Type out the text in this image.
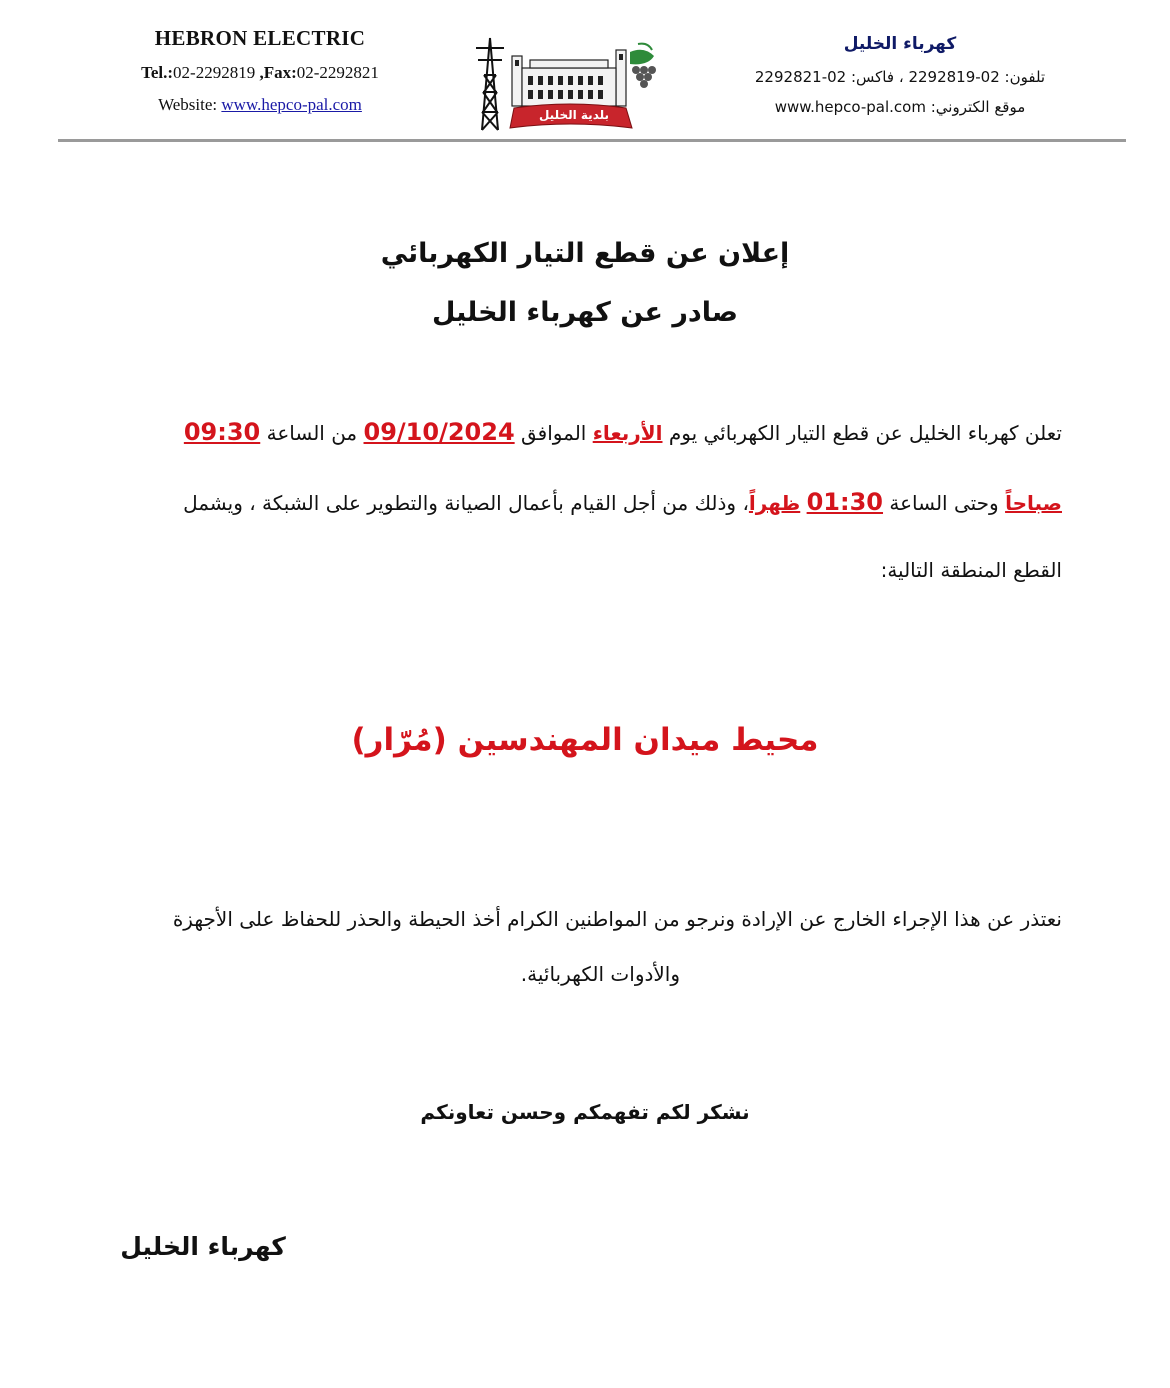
HEBRON ELECTRIC
Tel.:02-2292819 ,Fax:02-2292821
Website: www.hepco-pal.com
بلدية الخليل
كهرباء الخليل
تلفون: 02-2292819 ، فاكس: 02-2292821
موقع الكتروني: www.hepco-pal.com
إعلان عن قطع التيار الكهربائي
صادر عن كهرباء الخليل
تعلن كهرباء الخليل عن قطع التيار الكهربائي يوم الأربعاء الموافق 09/10/2024 من الساعة 09:30
صباحاً وحتى الساعة 01:30 ظهراً، وذلك من أجل القيام بأعمال الصيانة والتطوير على الشبكة ، ويشمل
القطع المنطقة التالية:
محيط ميدان المهندسين (مُرّار)
نعتذر عن هذا الإجراء الخارج عن الإرادة ونرجو من المواطنين الكرام أخذ الحيطة والحذر للحفاظ على الأجهزة
والأدوات الكهربائية.
نشكر لكم تفهمكم وحسن تعاونكم
كهرباء الخليل
